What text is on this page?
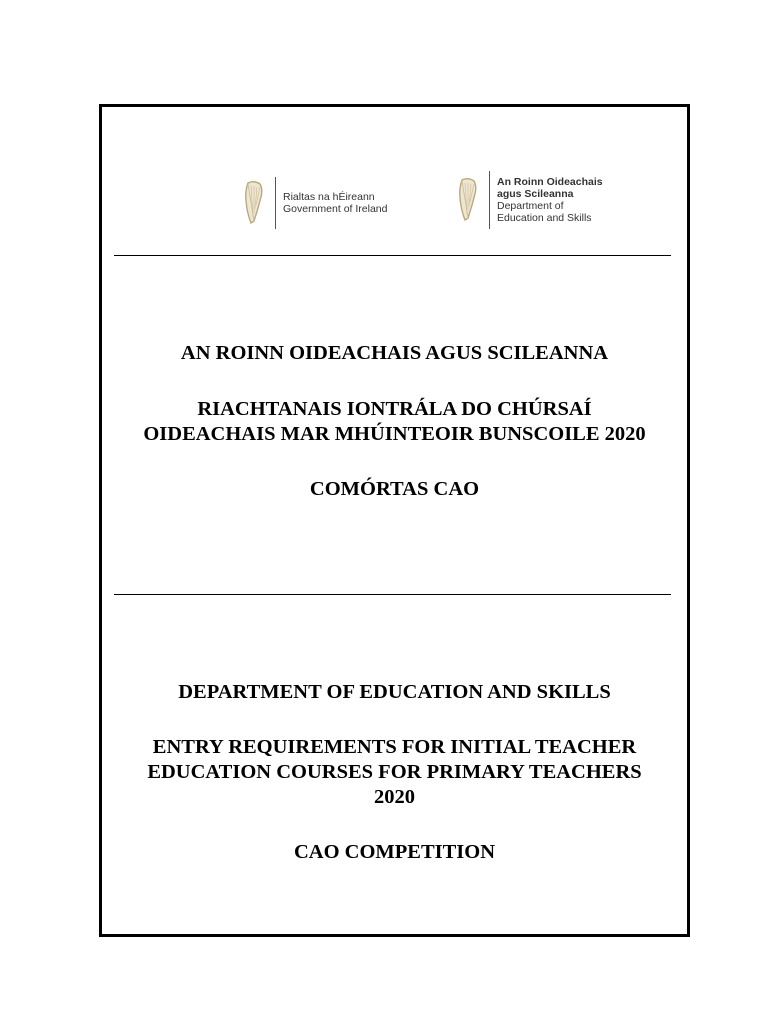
Rialtas na hÉireann
Government of Ireland
An Roinn Oideachais
agus Scileanna
Department of
Education and Skills
AN ROINN OIDEACHAIS AGUS SCILEANNA
RIACHTANAIS IONTRÁLA DO CHÚRSAÍ
OIDEACHAIS MAR MHÚINTEOIR BUNSCOILE 2020
COMÓRTAS CAO
DEPARTMENT OF EDUCATION AND SKILLS
ENTRY REQUIREMENTS FOR INITIAL TEACHER
EDUCATION COURSES FOR PRIMARY TEACHERS
2020
CAO COMPETITION
